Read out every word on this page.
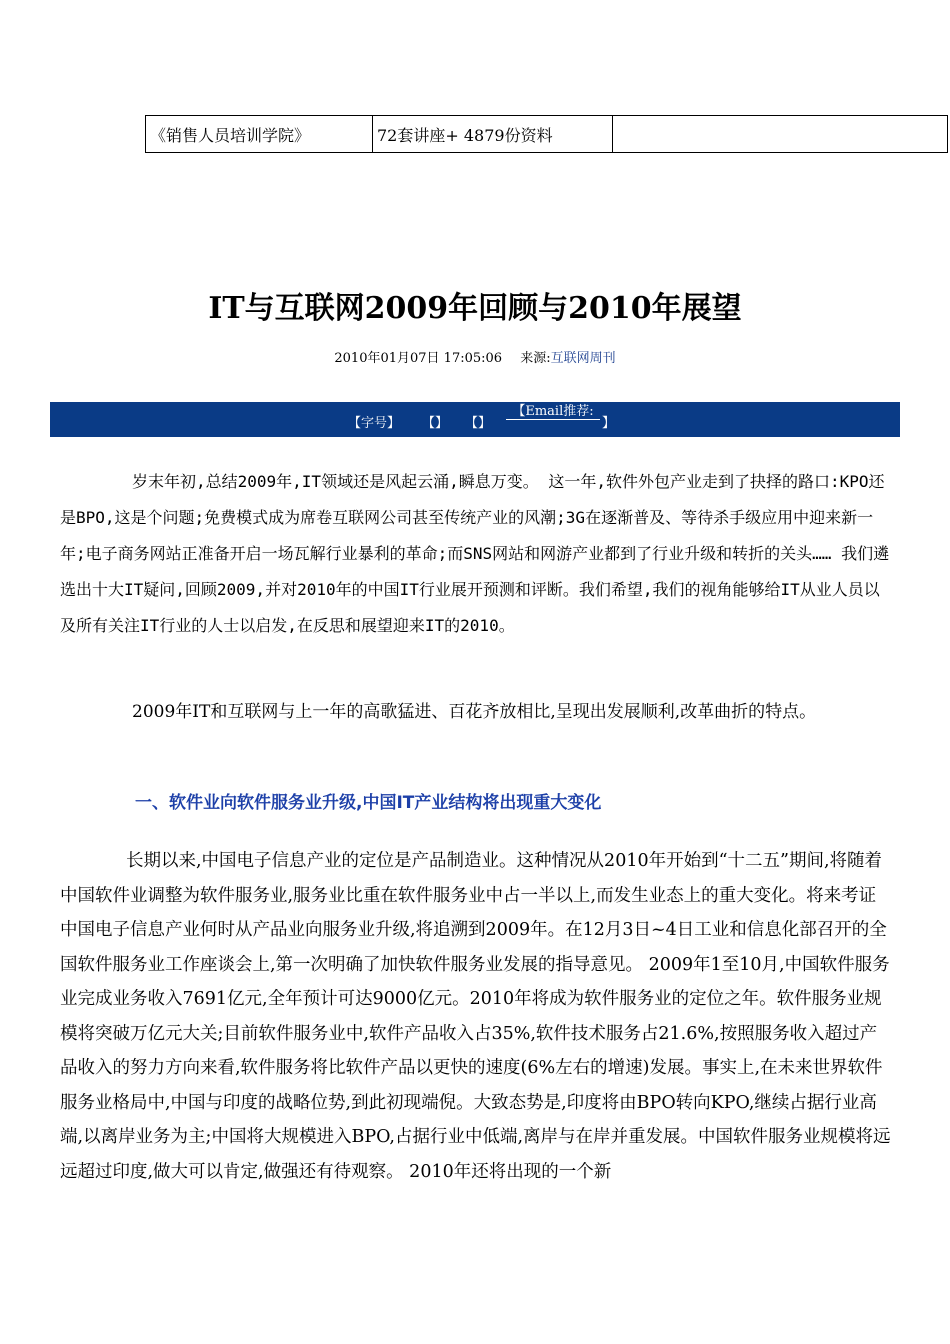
《销售人员培训学院》	72套讲座+ 4879份资料	
IT与互联网2009年回顾与2010年展望
2010年01月07日 17:05:06 来源:互联网周刊
【字号】 【】 【】
【Email推荐:
】
岁末年初,总结2009年,IT领域还是风起云涌,瞬息万变。 这一年,软件外包产业走到了抉择的路口:KPO还是BPO,这是个问题;免费模式成为席卷互联网公司甚至传统产业的风潮;3G在逐渐普及、等待杀手级应用中迎来新一年;电子商务网站正准备开启一场瓦解行业暴利的革命;而SNS网站和网游产业都到了行业升级和转折的关头…… 我们遴选出十大IT疑问,回顾2009,并对2010年的中国IT行业展开预测和评断。我们希望,我们的视角能够给IT从业人员以及所有关注IT行业的人士以启发,在反思和展望迎来IT的2010。
2009年IT和互联网与上一年的高歌猛进、百花齐放相比,呈现出发展顺利,改革曲折的特点。
一、软件业向软件服务业升级,中国IT产业结构将出现重大变化
长期以来,中国电子信息产业的定位是产品制造业。这种情况从2010年开始到“十二五”期间,将随着中国软件业调整为软件服务业,服务业比重在软件服务业中占一半以上,而发生业态上的重大变化。将来考证中国电子信息产业何时从产品业向服务业升级,将追溯到2009年。在12月3日~4日工业和信息化部召开的全国软件服务业工作座谈会上,第一次明确了加快软件服务业发展的指导意见。 2009年1至10月,中国软件服务业完成业务收入7691亿元,全年预计可达9000亿元。2010年将成为软件服务业的定位之年。软件服务业规模将突破万亿元大关;目前软件服务业中,软件产品收入占35%,软件技术服务占21.6%,按照服务收入超过产品收入的努力方向来看,软件服务将比软件产品以更快的速度(6%左右的增速)发展。事实上,在未来世界软件服务业格局中,中国与印度的战略位势,到此初现端倪。大致态势是,印度将由BPO转向KPO,继续占据行业高端,以离岸业务为主;中国将大规模进入BPO,占据行业中低端,离岸与在岸并重发展。中国软件服务业规模将远远超过印度,做大可以肯定,做强还有待观察。 2010年还将出现的一个新
